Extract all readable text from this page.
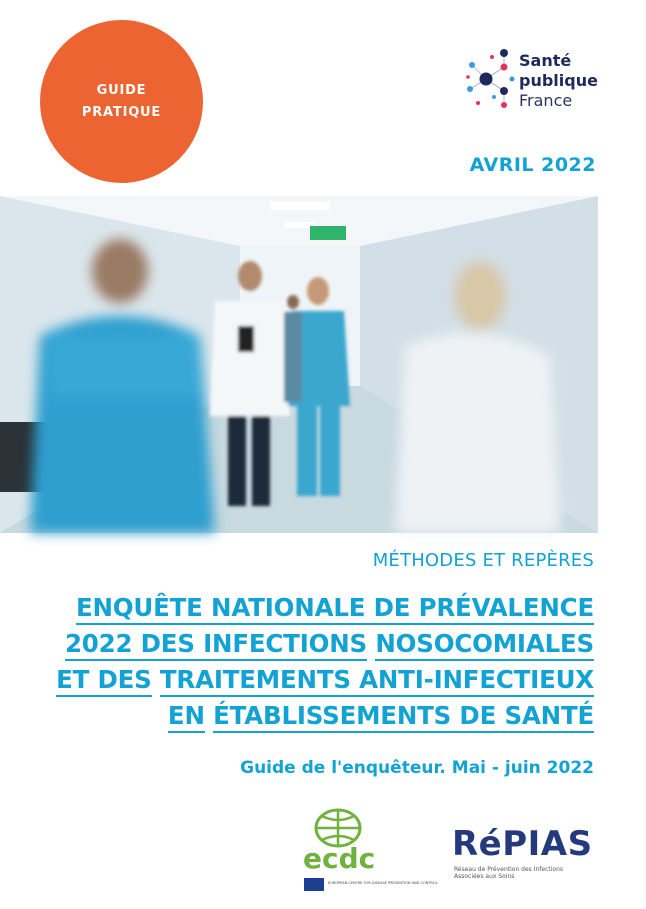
GUIDE
PRATIQUE
Santé
publique
France
AVRIL 2022
MÉTHODES ET REPÈRES
ENQUÊTE NATIONALE DE PRÉVALENCE
2022 DES INFECTIONS NOSOCOMIALES
ET DES TRAITEMENTS ANTI-INFECTIEUX
EN ÉTABLISSEMENTS DE SANTÉ
Guide de l'enquêteur. Mai - juin 2022
ecdc
EUROPEAN CENTRE FOR DISEASE PREVENTION AND CONTROL
RéPIAS
Réseau de Prévention des Infections Associées aux Soins
